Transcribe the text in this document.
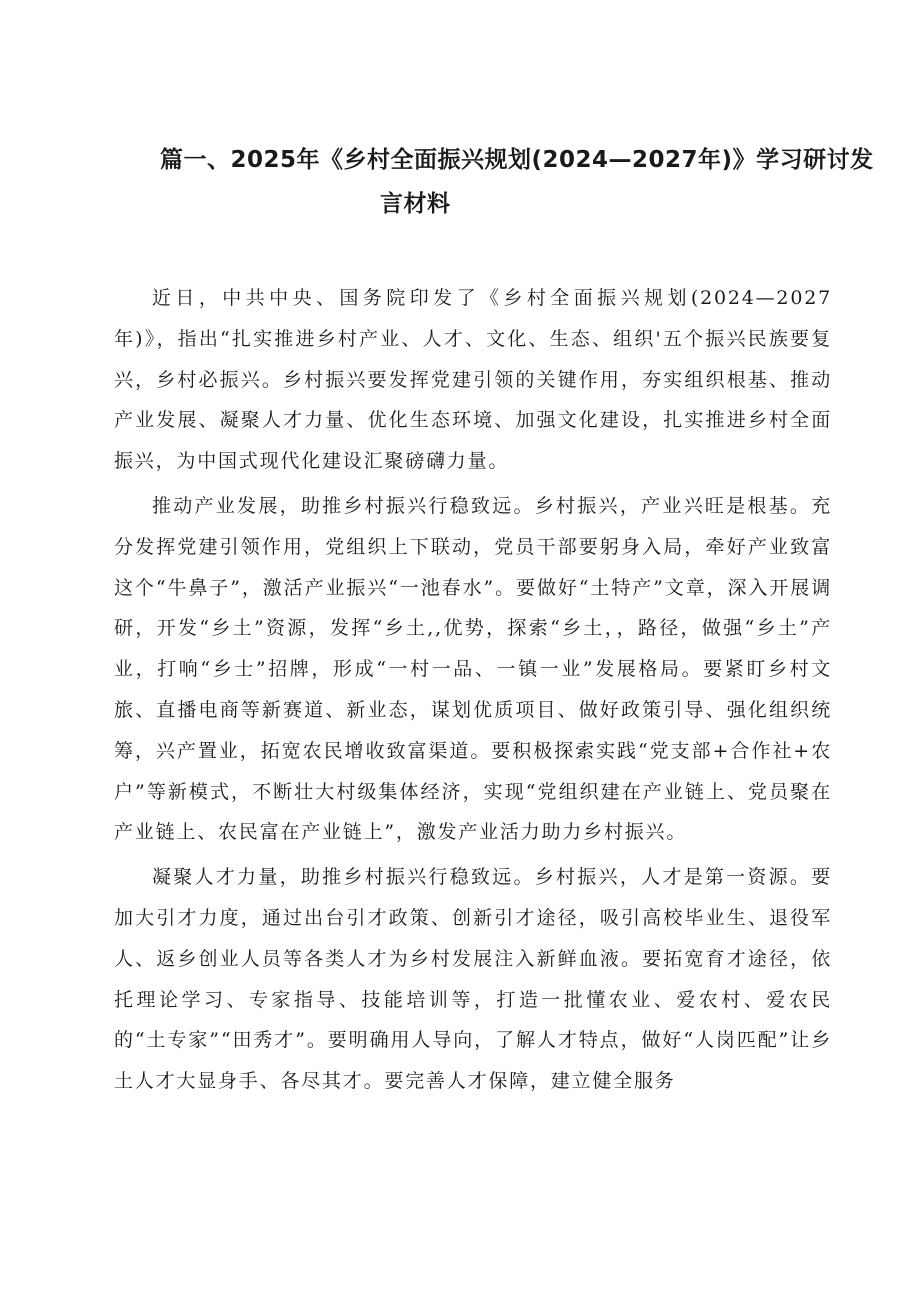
篇一、2025年《乡村全面振兴规划(2024—2027年)》学习研讨发
言材料

近日，中共中央、国务院印发了《乡村全面振兴规划(2024—2027年)》，指出“扎实推进乡村产业、人才、文化、生态、组织'五个振兴民族要复兴，乡村必振兴。乡村振兴要发挥党建引领的关键作用，夯实组织根基、推动产业发展、凝聚人才力量、优化生态环境、加强文化建设，扎实推进乡村全面振兴，为中国式现代化建设汇聚磅礴力量。

推动产业发展，助推乡村振兴行稳致远。乡村振兴，产业兴旺是根基。充分发挥党建引领作用，党组织上下联动，党员干部要躬身入局，牵好产业致富这个“牛鼻子”，激活产业振兴“一池春水”。要做好“土特产”文章，深入开展调研，开发“乡土”资源，发挥“乡土,,优势，探索“乡土，，路径，做强“乡土”产业，打响“乡士”招牌，形成“一村一品、一镇一业”发展格局。要紧盯乡村文旅、直播电商等新赛道、新业态，谋划优质项目、做好政策引导、强化组织统筹，兴产置业，拓宽农民增收致富渠道。要积极探索实践“党支部+合作社+农户”等新模式，不断壮大村级集体经济，实现“党组织建在产业链上、党员聚在产业链上、农民富在产业链上”，激发产业活力助力乡村振兴。

凝聚人才力量，助推乡村振兴行稳致远。乡村振兴，人才是第一资源。要加大引才力度，通过出台引才政策、创新引才途径，吸引高校毕业生、退役军人、返乡创业人员等各类人才为乡村发展注入新鲜血液。要拓宽育才途径，依托理论学习、专家指导、技能培训等，打造一批懂农业、爱农村、爱农民的“土专家”“田秀才”。要明确用人导向，了解人才特点，做好“人岗匹配”让乡土人才大显身手、各尽其才。要完善人才保障，建立健全服务
